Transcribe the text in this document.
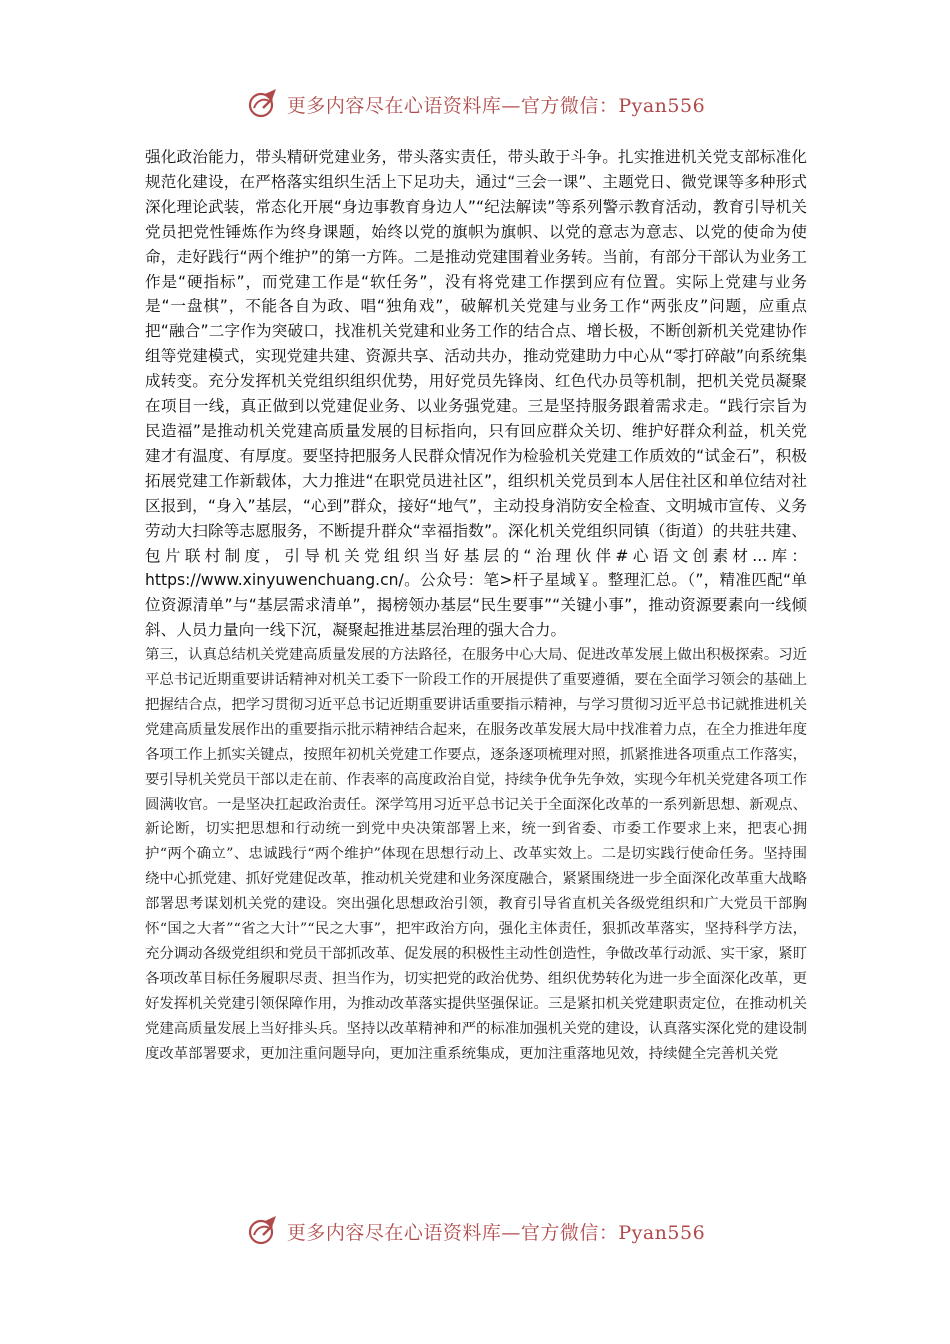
更多内容尽在心语资料库—官方微信：Pyan556

强化政治能力，带头精研党建业务，带头落实责任，带头敢于斗争。扎实推进机关党支部标准化规范化建设，在严格落实组织生活上下足功夫，通过“三会一课”、主题党日、微党课等多种形式深化理论武装，常态化开展“身边事教育身边人”“纪法解读”等系列警示教育活动，教育引导机关党员把党性锤炼作为终身课题，始终以党的旗帜为旗帜、以党的意志为意志、以党的使命为使命，走好践行“两个维护”的第一方阵。二是推动党建围着业务转。当前，有部分干部认为业务工作是“硬指标”，而党建工作是“软任务”，没有将党建工作摆到应有位置。实际上党建与业务是“一盘棋”，不能各自为政、唱“独角戏”，破解机关党建与业务工作“两张皮”问题，应重点把“融合”二字作为突破口，找准机关党建和业务工作的结合点、增长极，不断创新机关党建协作组等党建模式，实现党建共建、资源共享、活动共办，推动党建助力中心从“零打碎敲”向系统集成转变。充分发挥机关党组织组织优势，用好党员先锋岗、红色代办员等机制，把机关党员凝聚在项目一线，真正做到以党建促业务、以业务强党建。三是坚持服务跟着需求走。“践行宗旨为民造福”是推动机关党建高质量发展的目标指向，只有回应群众关切、维护好群众利益，机关党建才有温度、有厚度。要坚持把服务人民群众情况作为检验机关党建工作质效的“试金石”，积极拓展党建工作新载体，大力推进“在职党员进社区”，组织机关党员到本人居住社区和单位结对社区报到，“身入”基层，“心到”群众，接好“地气”，主动投身消防安全检查、文明城市宣传、义务劳动大扫除等志愿服务，不断提升群众“幸福指数”。深化机关党组织同镇（街道）的共驻共建、包片联村制度，引导机关党组织当好基层的“治理伙伴#心语文创素材...库：https://www.xinyuwenchuang.cn/。公众号：笔>杆子星域￥。整理汇总。（”，精准匹配“单位资源清单”与“基层需求清单”，揭榜领办基层“民生要事”“关键小事”，推动资源要素向一线倾斜、人员力量向一线下沉，凝聚起推进基层治理的强大合力。

第三，认真总结机关党建高质量发展的方法路径，在服务中心大局、促进改革发展上做出积极探索。习近平总书记近期重要讲话精神对机关工委下一阶段工作的开展提供了重要遵循，要在全面学习领会的基础上把握结合点，把学习贯彻习近平总书记近期重要讲话重要指示精神，与学习贯彻习近平总书记就推进机关党建高质量发展作出的重要指示批示精神结合起来，在服务改革发展大局中找准着力点，在全力推进年度各项工作上抓实关键点，按照年初机关党建工作要点，逐条逐项梳理对照，抓紧推进各项重点工作落实，要引导机关党员干部以走在前、作表率的高度政治自觉，持续争优争先争效，实现今年机关党建各项工作圆满收官。一是坚决扛起政治责任。深学笃用习近平总书记关于全面深化改革的一系列新思想、新观点、新论断，切实把思想和行动统一到党中央决策部署上来，统一到省委、市委工作要求上来，把衷心拥护“两个确立”、忠诚践行“两个维护”体现在思想行动上、改革实效上。二是切实践行使命任务。坚持围绕中心抓党建、抓好党建促改革，推动机关党建和业务深度融合，紧紧围绕进一步全面深化改革重大战略部署思考谋划机关党的建设。突出强化思想政治引领，教育引导省直机关各级党组织和广大党员干部胸怀“国之大者”“省之大计”“民之大事”，把牢政治方向，强化主体责任，狠抓改革落实，坚持科学方法，充分调动各级党组织和党员干部抓改革、促发展的积极性主动性创造性，争做改革行动派、实干家，紧盯各项改革目标任务履职尽责、担当作为，切实把党的政治优势、组织优势转化为进一步全面深化改革，更好发挥机关党建引领保障作用，为推动改革落实提供坚强保证。三是紧扣机关党建职责定位，在推动机关党建高质量发展上当好排头兵。坚持以改革精神和严的标准加强机关党的建设，认真落实深化党的建设制度改革部署要求，更加注重问题导向，更加注重系统集成，更加注重落地见效，持续健全完善机关党

更多内容尽在心语资料库—官方微信：Pyan556
